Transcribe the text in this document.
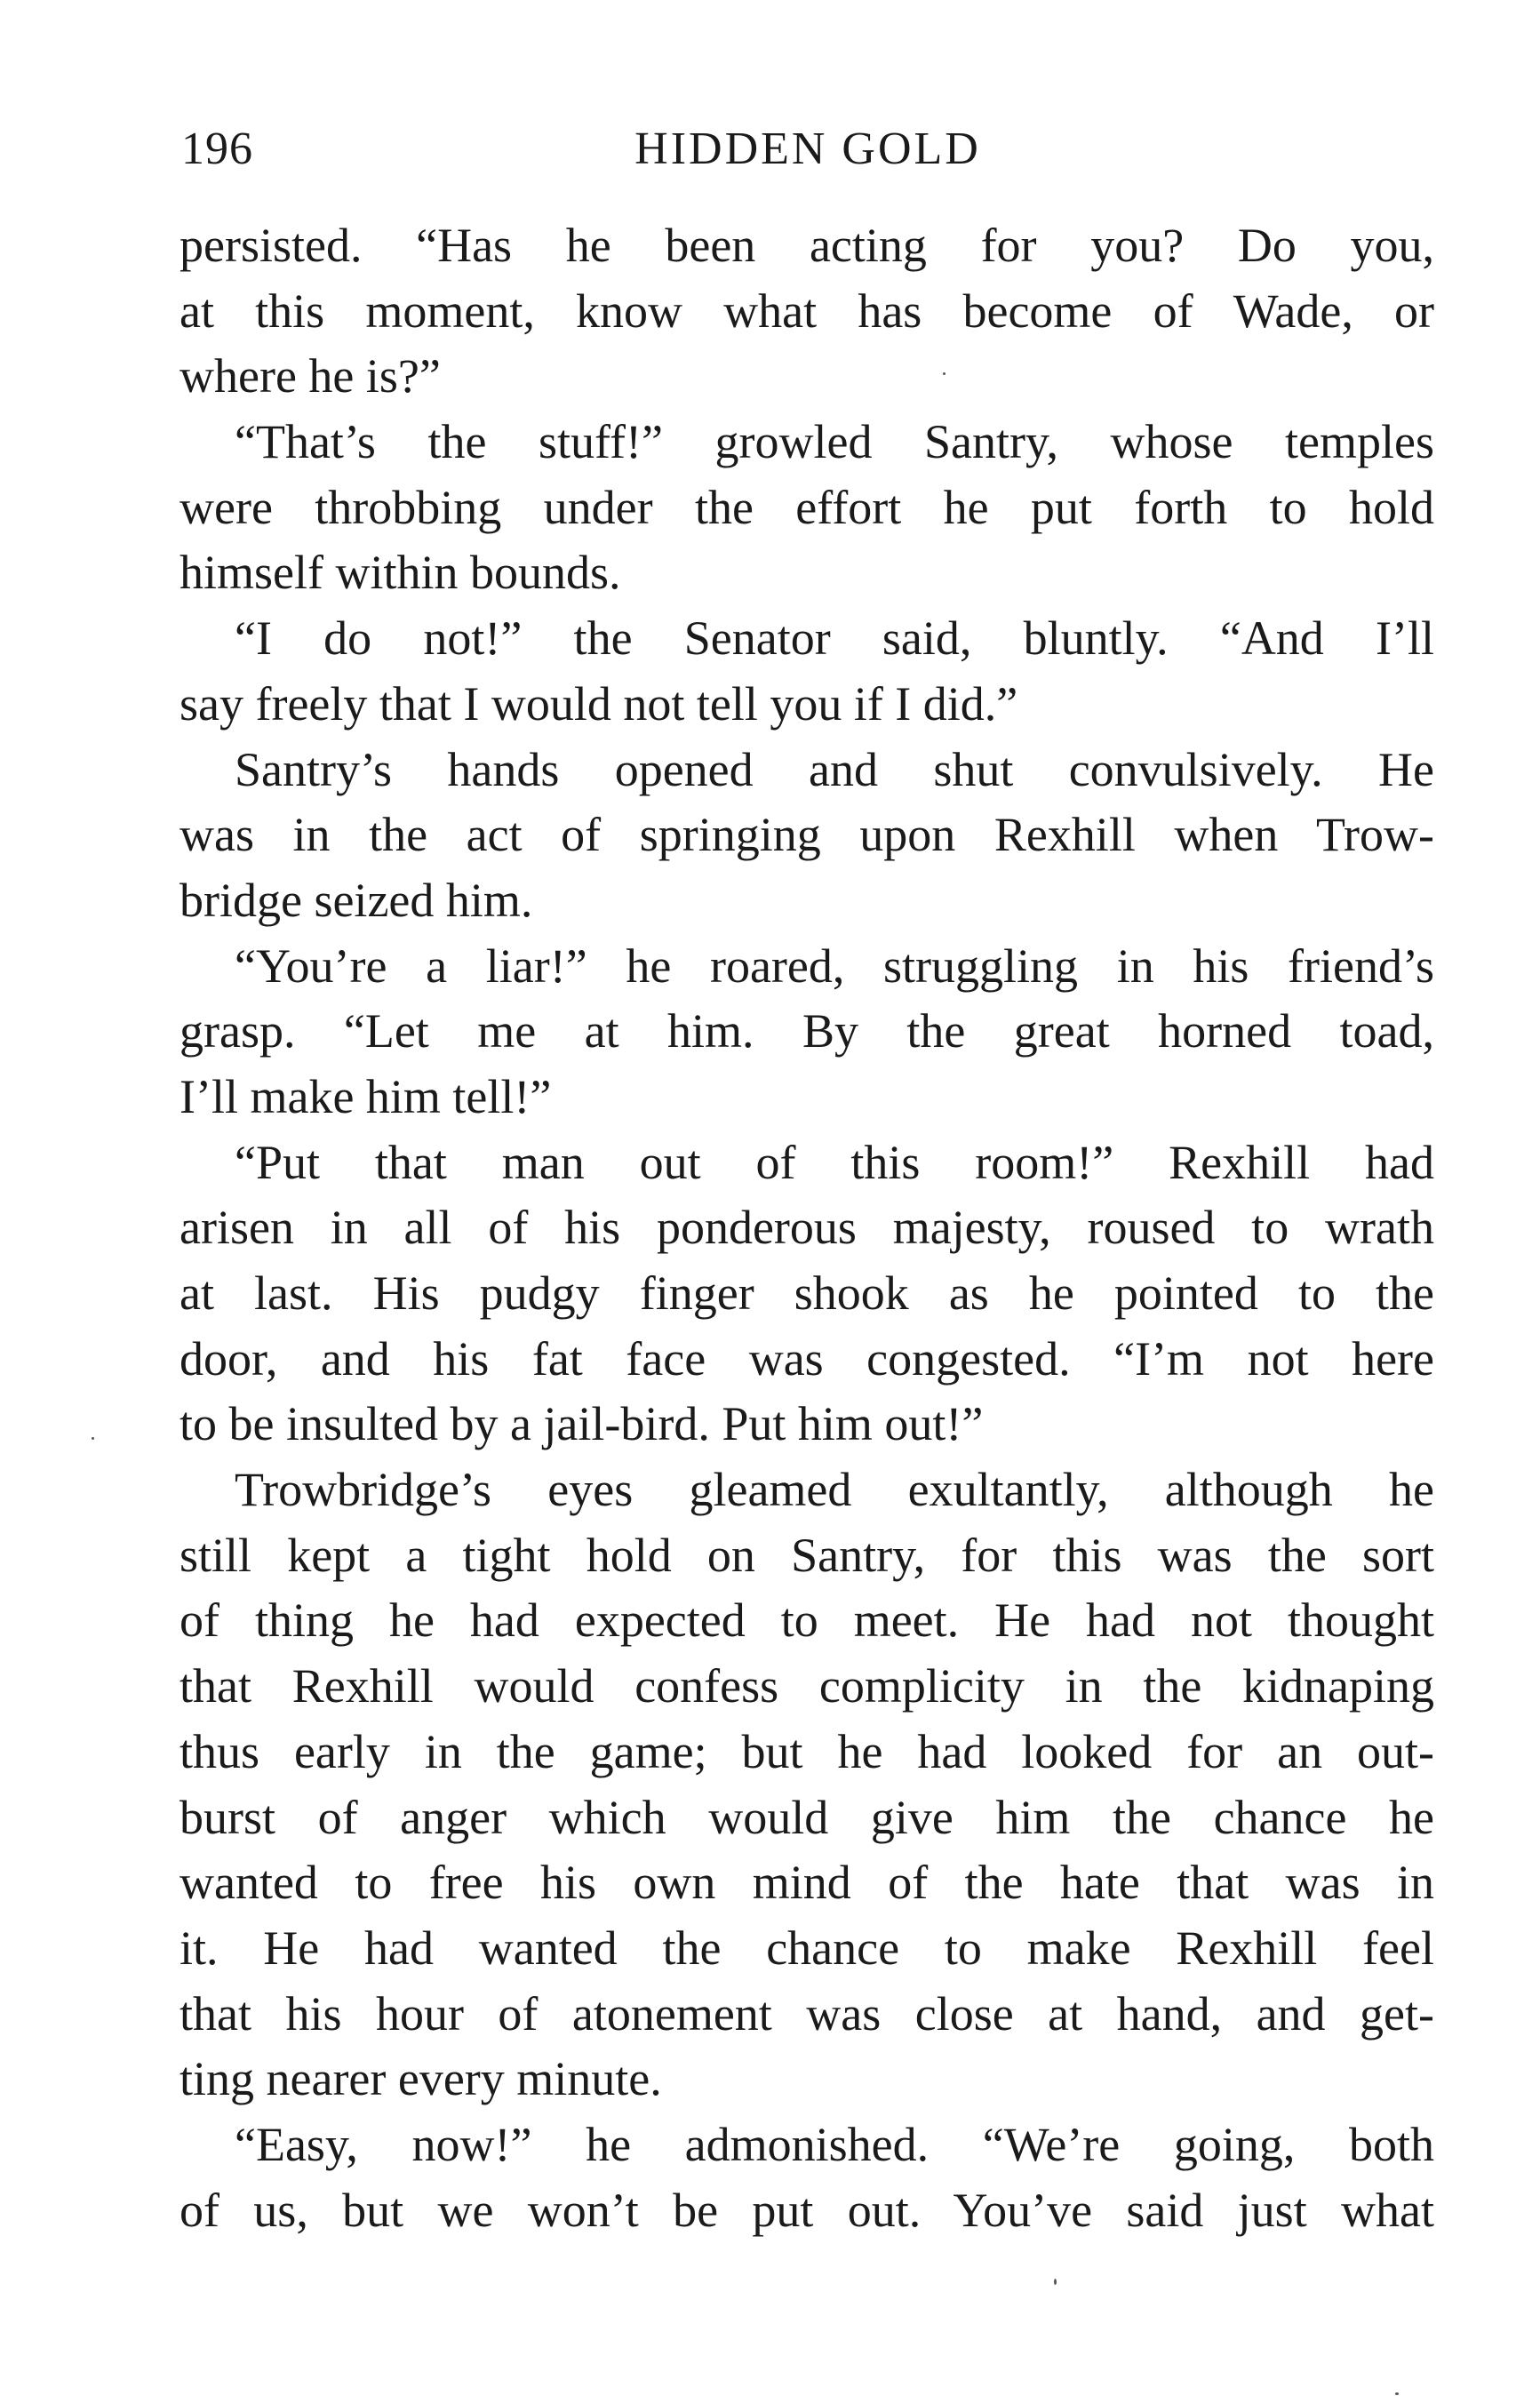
196	HIDDEN GOLD
persisted. “Has he been acting for you? Do you,
at this moment, know what has become of Wade, or
where he is?”
“That’s the stuff!” growled Santry, whose temples
were throbbing under the effort he put forth to hold
himself within bounds.
“I do not!” the Senator said, bluntly. “And I’ll
say freely that I would not tell you if I did.”
Santry’s hands opened and shut convulsively. He
was in the act of springing upon Rexhill when Trow-
bridge seized him.
“You’re a liar!” he roared, struggling in his friend’s
grasp. “Let me at him. By the great horned toad,
I’ll make him tell!”
“Put that man out of this room!” Rexhill had
arisen in all of his ponderous majesty, roused to wrath
at last. His pudgy finger shook as he pointed to the
door, and his fat face was congested. “I’m not here
to be insulted by a jail-bird. Put him out!”
Trowbridge’s eyes gleamed exultantly, although he
still kept a tight hold on Santry, for this was the sort
of thing he had expected to meet. He had not thought
that Rexhill would confess complicity in the kidnaping
thus early in the game; but he had looked for an out-
burst of anger which would give him the chance he
wanted to free his own mind of the hate that was in
it. He had wanted the chance to make Rexhill feel
that his hour of atonement was close at hand, and get-
ting nearer every minute.
“Easy, now!” he admonished. “We’re going, both
of us, but we won’t be put out. You’ve said just what
